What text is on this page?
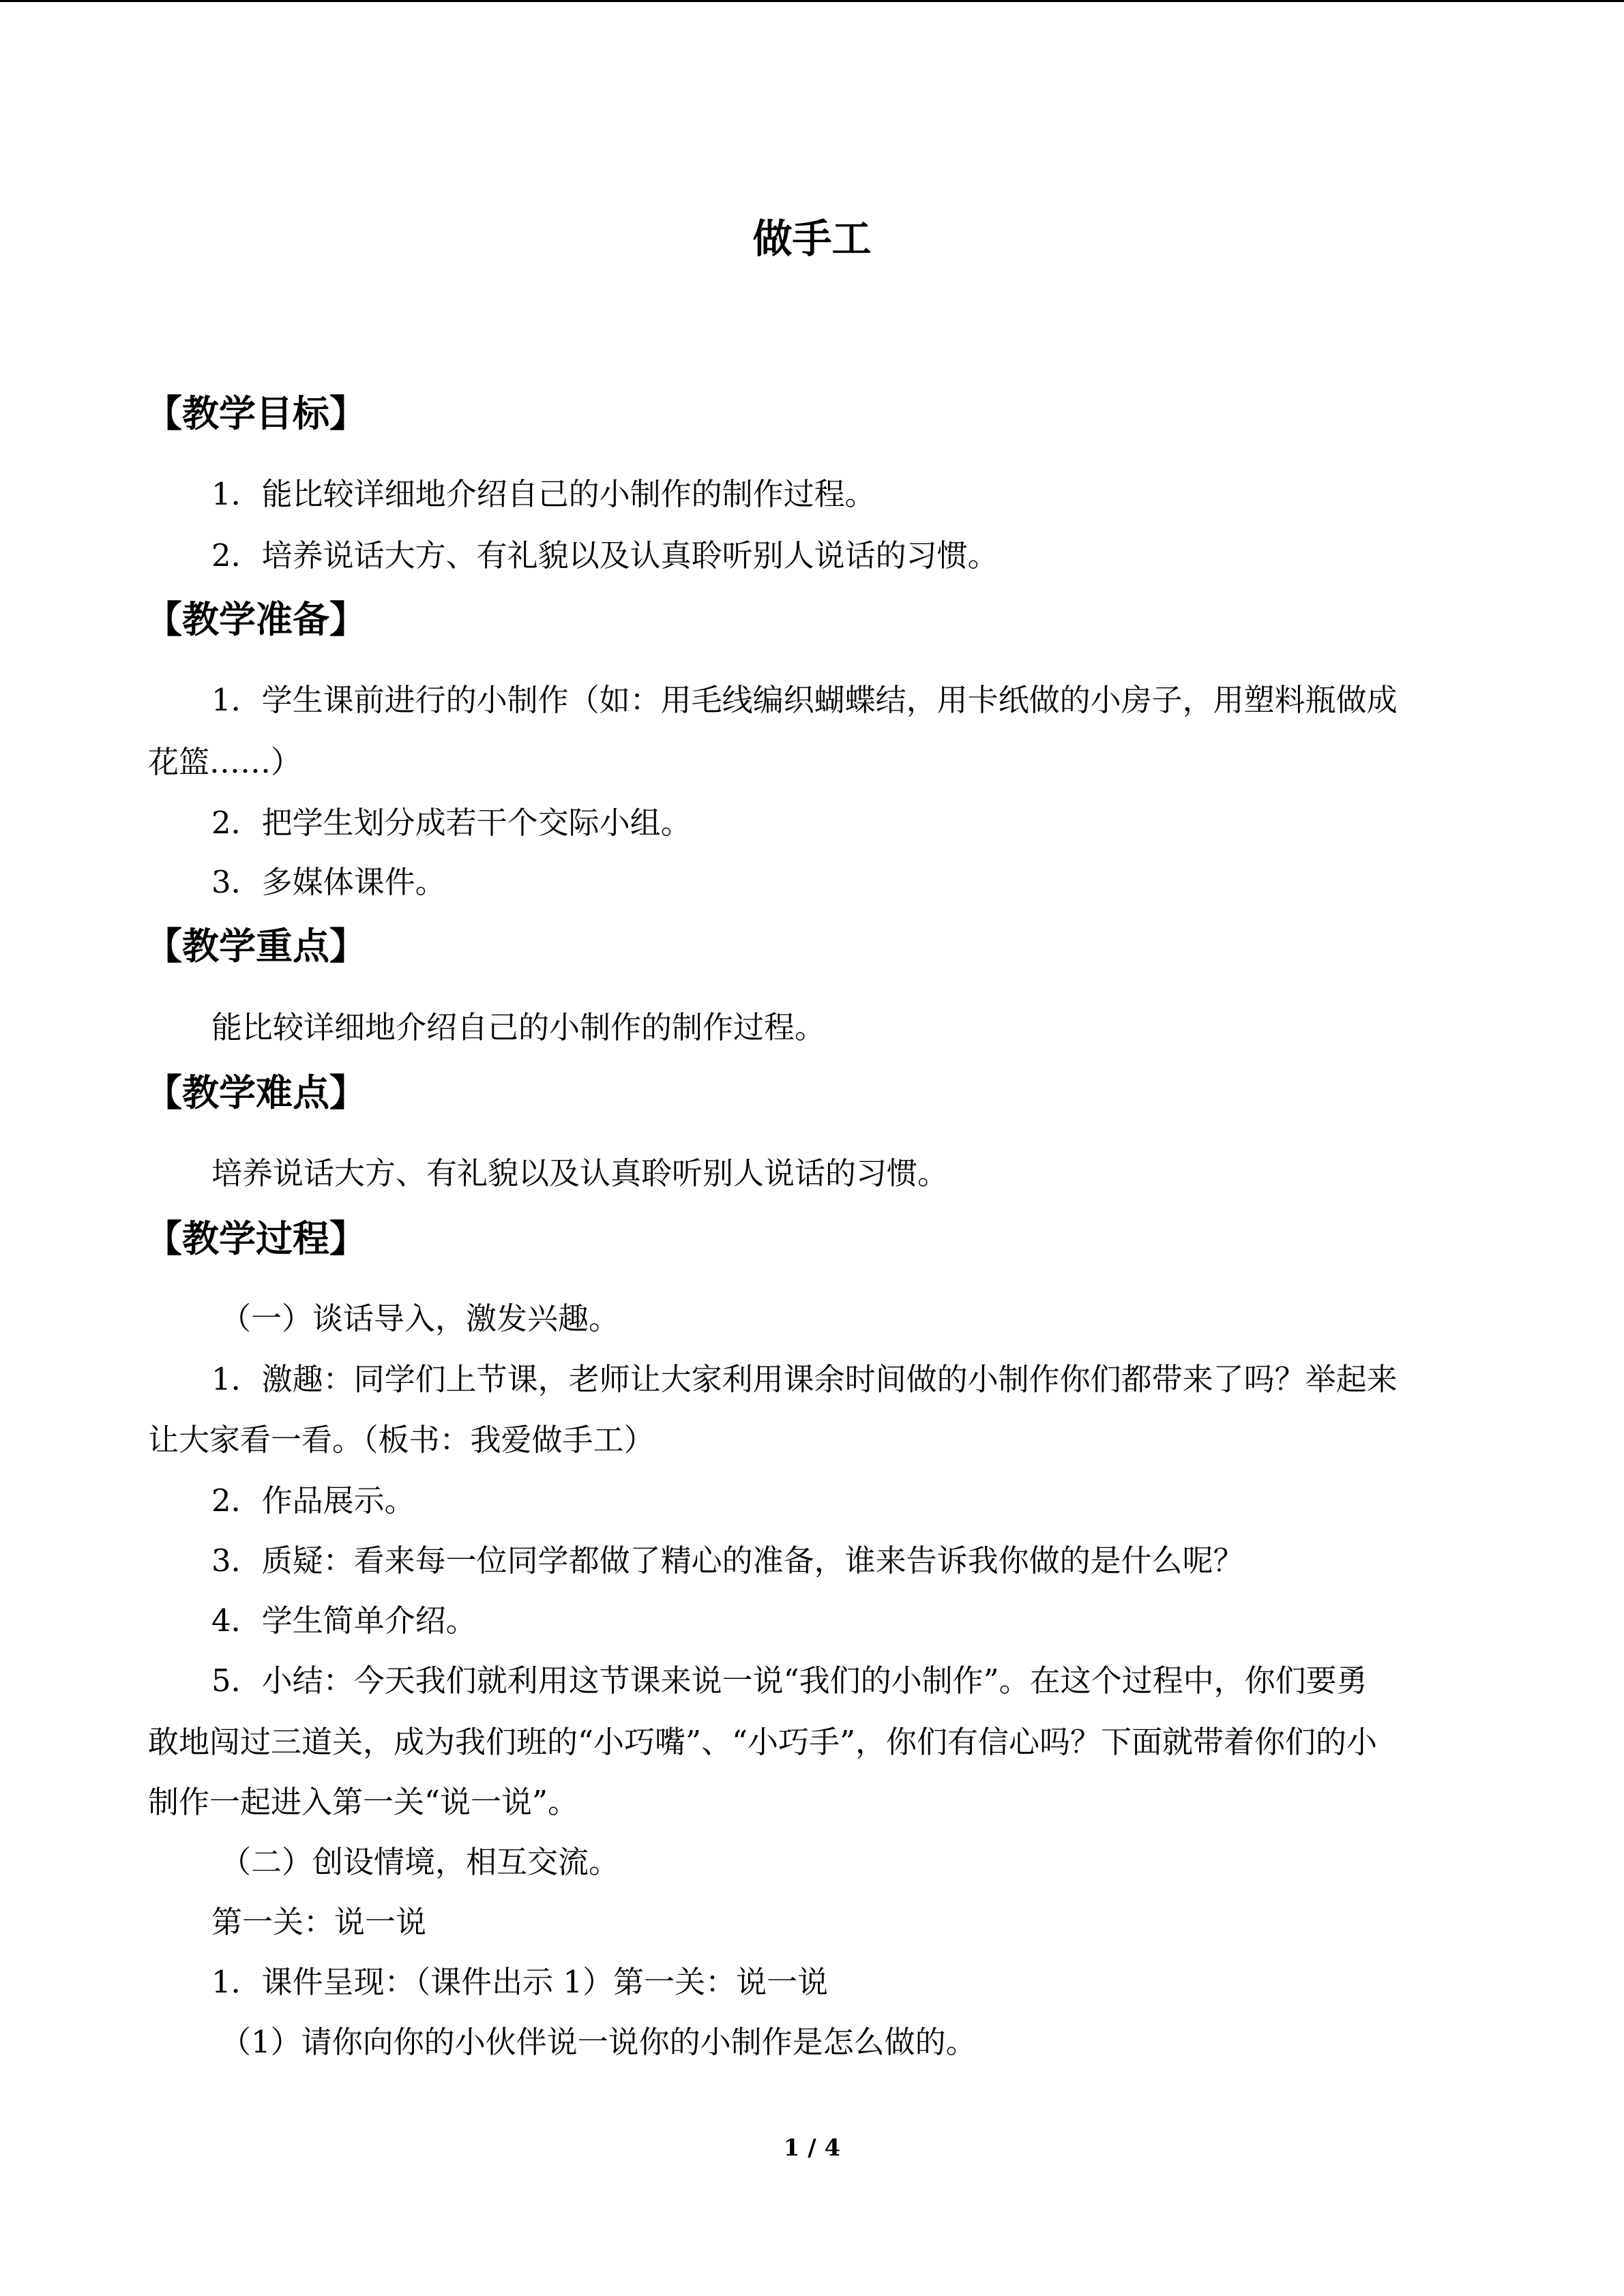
做手工
【教学目标】
1．能比较详细地介绍自己的小制作的制作过程。
2．培养说话大方、有礼貌以及认真聆听别人说话的习惯。
【教学准备】
1．学生课前进行的小制作（如：用毛线编织蝴蝶结，用卡纸做的小房子，用塑料瓶做成
花篮……）
2．把学生划分成若干个交际小组。
3．多媒体课件。
【教学重点】
能比较详细地介绍自己的小制作的制作过程。
【教学难点】
培养说话大方、有礼貌以及认真聆听别人说话的习惯。
【教学过程】
（一）谈话导入，激发兴趣。
1．激趣：同学们上节课，老师让大家利用课余时间做的小制作你们都带来了吗？举起来
让大家看一看。（板书：我爱做手工）
2．作品展示。
3．质疑：看来每一位同学都做了精心的准备，谁来告诉我你做的是什么呢？
4．学生简单介绍。
5．小结：今天我们就利用这节课来说一说“我们的小制作”。在这个过程中，你们要勇
敢地闯过三道关，成为我们班的“小巧嘴”、“小巧手”，你们有信心吗？下面就带着你们的小
制作一起进入第一关“说一说”。
（二）创设情境，相互交流。
第一关：说一说
1．课件呈现：（课件出示 1）第一关：说一说
（1）请你向你的小伙伴说一说你的小制作是怎么做的。
1 / 4
